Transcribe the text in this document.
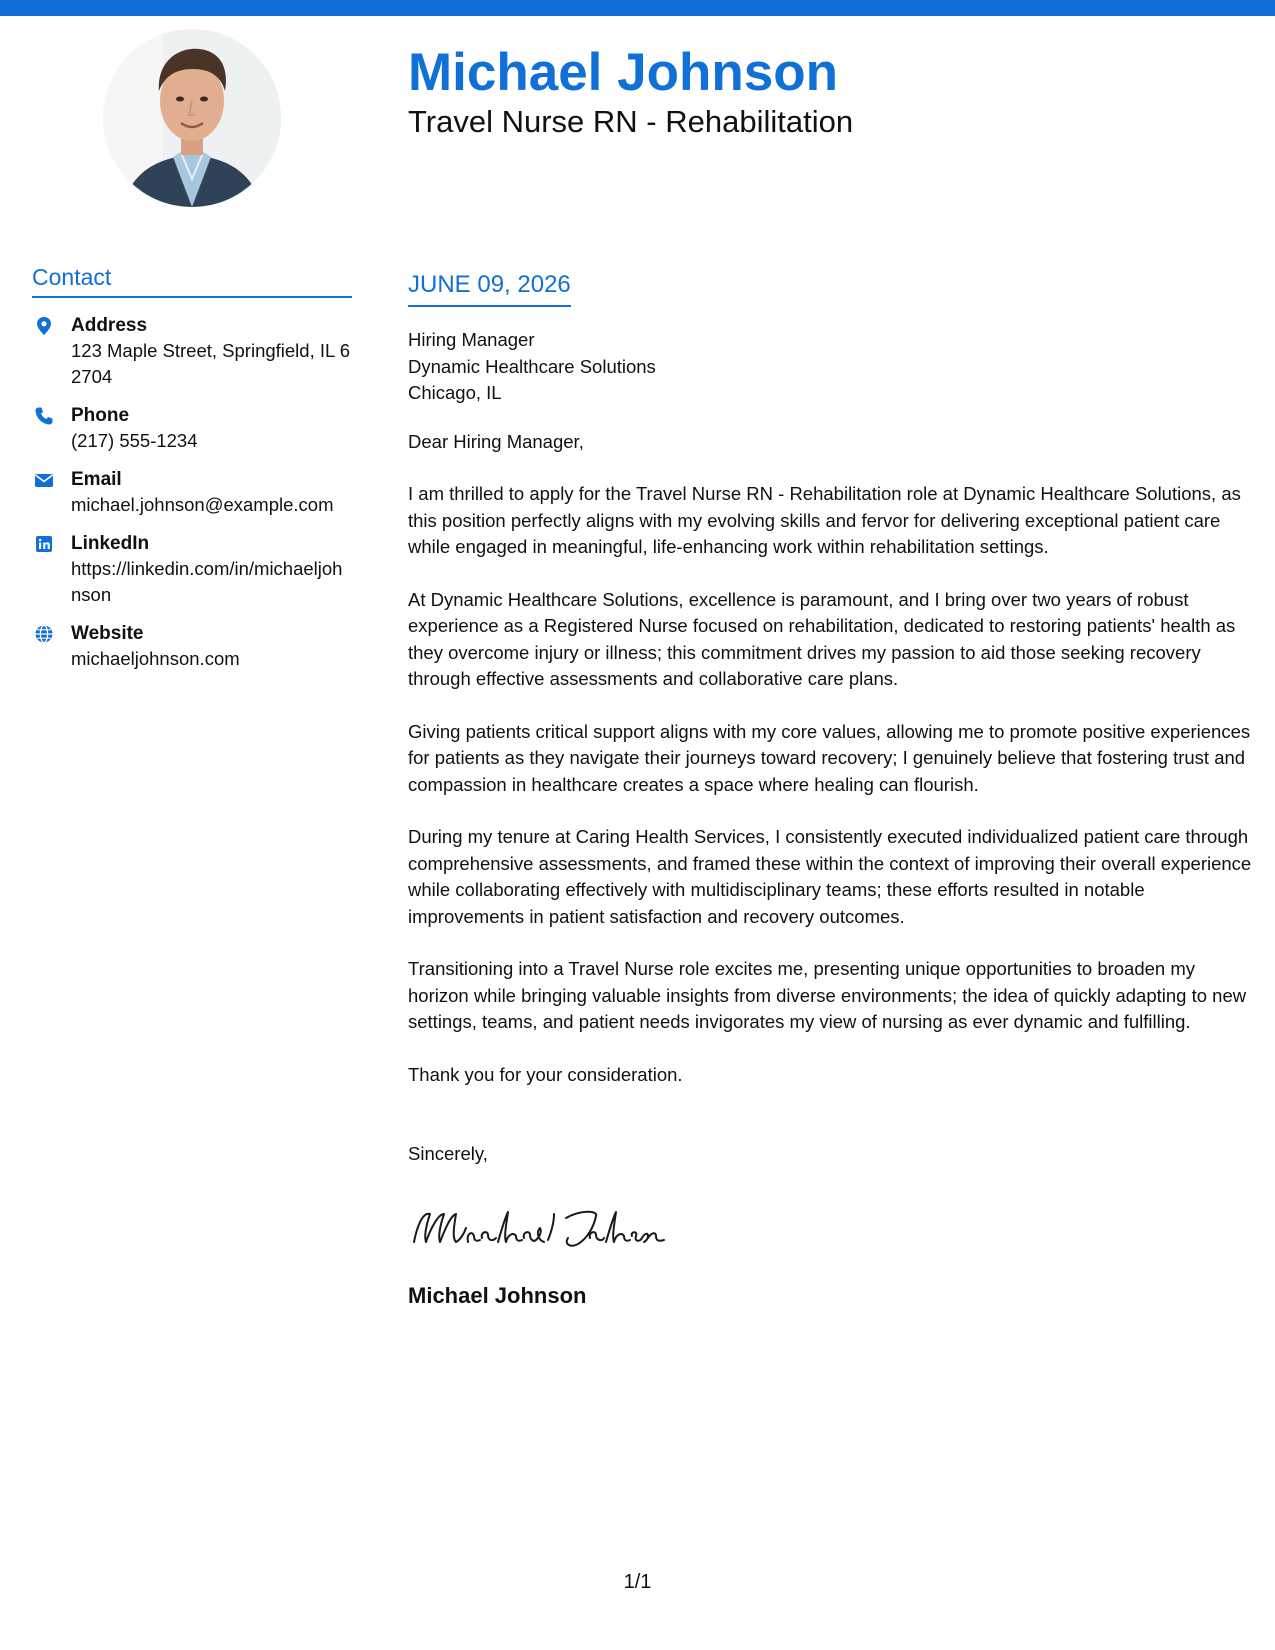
Michael Johnson
Travel Nurse RN - Rehabilitation
Contact
Address
123 Maple Street, Springfield, IL 62704
Phone
(217) 555-1234
Email
michael.johnson@example.com
LinkedIn
https://linkedin.com/in/michaeljohnson
Website
michaeljohnson.com
JUNE 09, 2026
Hiring Manager
Dynamic Healthcare Solutions
Chicago, IL
Dear Hiring Manager,

I am thrilled to apply for the Travel Nurse RN - Rehabilitation role at Dynamic Healthcare Solutions, as this position perfectly aligns with my evolving skills and fervor for delivering exceptional patient care while engaged in meaningful, life-enhancing work within rehabilitation settings.

At Dynamic Healthcare Solutions, excellence is paramount, and I bring over two years of robust experience as a Registered Nurse focused on rehabilitation, dedicated to restoring patients' health as they overcome injury or illness; this commitment drives my passion to aid those seeking recovery through effective assessments and collaborative care plans.

Giving patients critical support aligns with my core values, allowing me to promote positive experiences for patients as they navigate their journeys toward recovery; I genuinely believe that fostering trust and compassion in healthcare creates a space where healing can flourish.

During my tenure at Caring Health Services, I consistently executed individualized patient care through comprehensive assessments, and framed these within the context of improving their overall experience while collaborating effectively with multidisciplinary teams; these efforts resulted in notable improvements in patient satisfaction and recovery outcomes.

Transitioning into a Travel Nurse role excites me, presenting unique opportunities to broaden my horizon while bringing valuable insights from diverse environments; the idea of quickly adapting to new settings, teams, and patient needs invigorates my view of nursing as ever dynamic and fulfilling.

Thank you for your consideration.

Sincerely,
Michael Johnson
1/1
